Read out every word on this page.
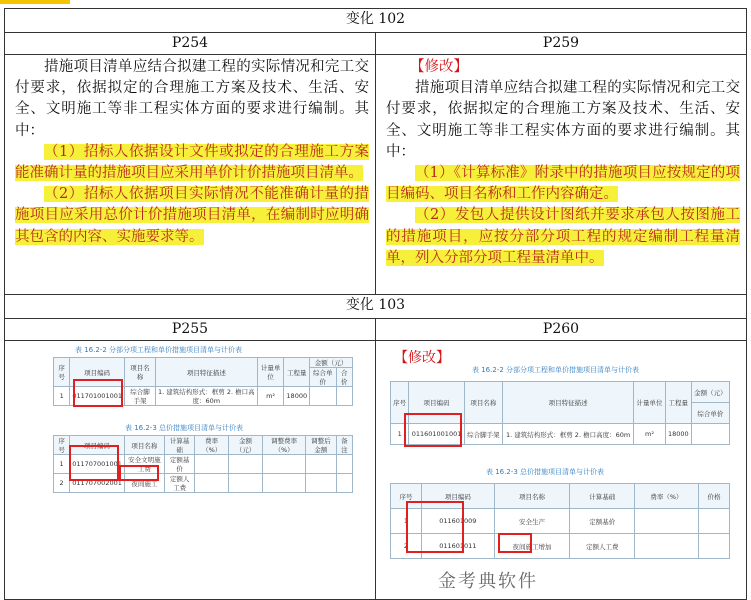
变化 102
P254	P259
措施项目清单应结合拟建工程的实际情况和完工交付要求，依据拟定的合理施工方案及技术、生活、安全、文明施工等非工程实体方面的要求进行编制。其中：
（1）招标人依据设计文件或拟定的合理施工方案能准确计量的措施项目应采用单价计价措施项目清单。
（2）招标人依据项目实际情况不能准确计量的措施项目应采用总价计价措施项目清单，在编制时应明确其包含的内容、实施要求等。
【修改】
措施项目清单应结合拟建工程的实际情况和完工交付要求，依据拟定的合理施工方案及技术、生活、安全、文明施工等非工程实体方面的要求进行编制。其中：
（1）《计算标准》附录中的措施项目应按规定的项目编码、项目名称和工作内容确定。
（2）发包人提供设计图纸并要求承包人按图施工的措施项目，应按分部分项工程的规定编制工程量清单，列入分部分项工程量清单中。
变化 103
P255	P260
表 16.2-2 分部分项工程和单价措施项目清单与计价表
序号	项目编码	项目名称	项目特征描述	计量单位	工程量	金额（元）	
						综合单价	合价
1	011701001001	综合脚手架	1. 建筑结构形式：框剪 2. 檐口高度：60m	m²	18000		
表 16.2-3 总价措施项目清单与计价表
序号	项目编码	项目名称	计算基础	费率（%）	金额（元）	调整费率（%）	调整后金额	备注
1	011707001001	安全文明施工费	定额基价					
2	011707002001	夜间施工	定额人工费					
【修改】
表 16.2-2 分部分项工程和单价措施项目清单与计价表
序号	项目编码	项目名称	项目特征描述	计量单位	工程量	金额（元）
						综合单价
1	011601001001	综合脚手架	1. 建筑结构形式：框剪 2. 檐口高度：60m	m²	18000	
表 16.2-3 总价措施项目清单与计价表
序号	项目编码	项目名称	计算基础	费率（%）	价格
1	011601009	安全生产	定额基价		
2	011601011	夜间施工增加	定额人工费		
金考典软件
